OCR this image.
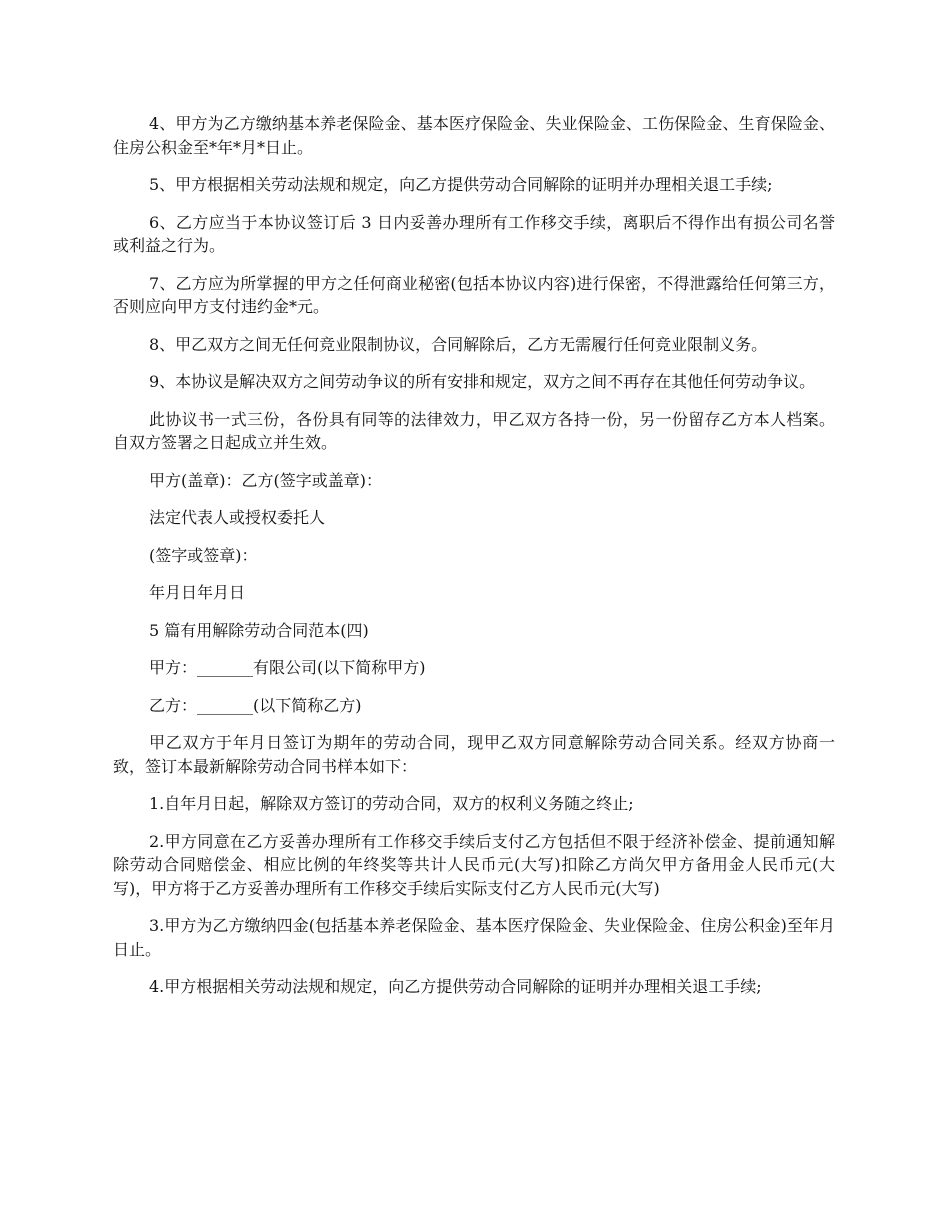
4、甲方为乙方缴纳基本养老保险金、基本医疗保险金、失业保险金、工伤保险金、生育保险金、住房公积金至*年*月*日止。

5、甲方根据相关劳动法规和规定，向乙方提供劳动合同解除的证明并办理相关退工手续;

6、乙方应当于本协议签订后 3 日内妥善办理所有工作移交手续，离职后不得作出有损公司名誉或利益之行为。

7、乙方应为所掌握的甲方之任何商业秘密(包括本协议内容)进行保密，不得泄露给任何第三方，否则应向甲方支付违约金*元。

8、甲乙双方之间无任何竞业限制协议，合同解除后，乙方无需履行任何竞业限制义务。

9、本协议是解决双方之间劳动争议的所有安排和规定，双方之间不再存在其他任何劳动争议。

此协议书一式三份，各份具有同等的法律效力，甲乙双方各持一份，另一份留存乙方本人档案。自双方签署之日起成立并生效。

甲方(盖章)：乙方(签字或盖章)：

法定代表人或授权委托人

(签字或签章)：

年月日年月日

5 篇有用解除劳动合同范本(四)

甲方：_______有限公司(以下简称甲方)

乙方：_______(以下简称乙方)

甲乙双方于年月日签订为期年的劳动合同，现甲乙双方同意解除劳动合同关系。经双方协商一致，签订本最新解除劳动合同书样本如下：

1.自年月日起，解除双方签订的劳动合同，双方的权利义务随之终止;

2.甲方同意在乙方妥善办理所有工作移交手续后支付乙方包括但不限于经济补偿金、提前通知解除劳动合同赔偿金、相应比例的年终奖等共计人民币元(大写)扣除乙方尚欠甲方备用金人民币元(大写)，甲方将于乙方妥善办理所有工作移交手续后实际支付乙方人民币元(大写)

3.甲方为乙方缴纳四金(包括基本养老保险金、基本医疗保险金、失业保险金、住房公积金)至年月日止。

4.甲方根据相关劳动法规和规定，向乙方提供劳动合同解除的证明并办理相关退工手续;
